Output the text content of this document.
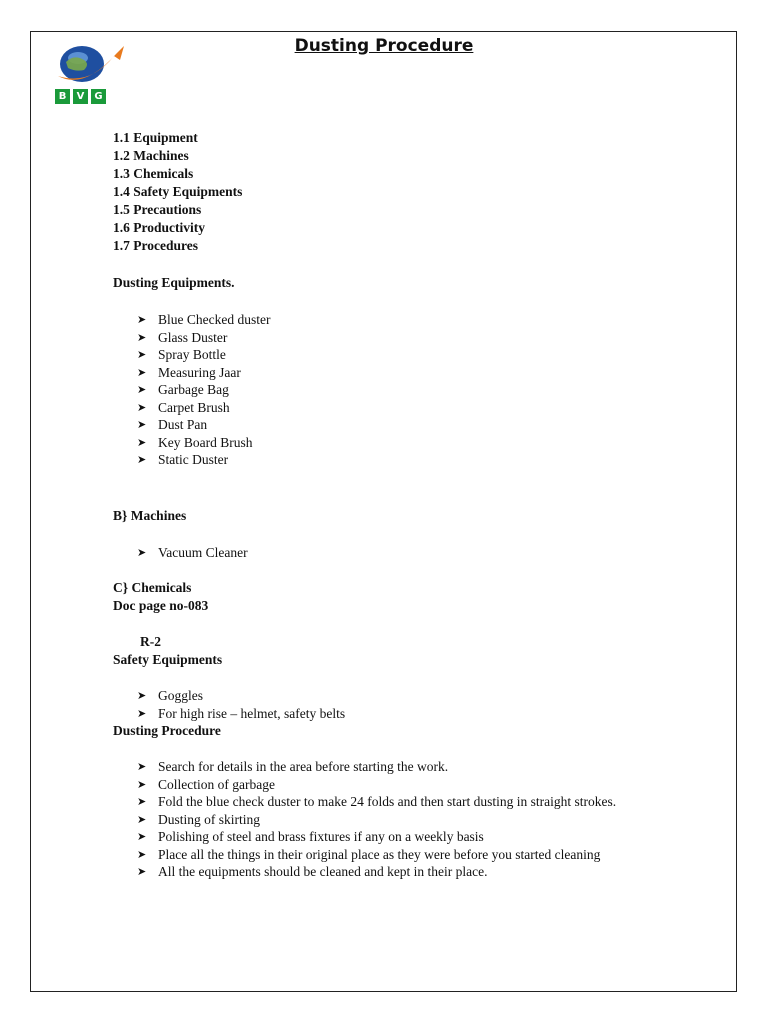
B	V	G
Dusting Procedure
1.1 Equipment
1.2 Machines
1.3 Chemicals
1.4 Safety Equipments
1.5 Precautions
1.6 Productivity
1.7 Procedures
Dusting Equipments.
➤ Blue Checked duster
➤ Glass Duster
➤ Spray Bottle
➤ Measuring Jaar
➤ Garbage Bag
➤ Carpet Brush
➤ Dust Pan
➤ Key Board Brush
➤ Static Duster
B} Machines
➤ Vacuum Cleaner
C} Chemicals
Doc page no-083
R-2
Safety Equipments
➤ Goggles
➤ For high rise – helmet, safety belts
Dusting Procedure
➤ Search for details in the area before starting the work.
➤ Collection of garbage
➤ Fold the blue check duster to make 24 folds and then start dusting in straight strokes.
➤ Dusting of skirting
➤ Polishing of steel and brass fixtures if any on a weekly basis
➤ Place all the things in their original place as they were before you started cleaning
➤ All the equipments should be cleaned and kept in their place.
